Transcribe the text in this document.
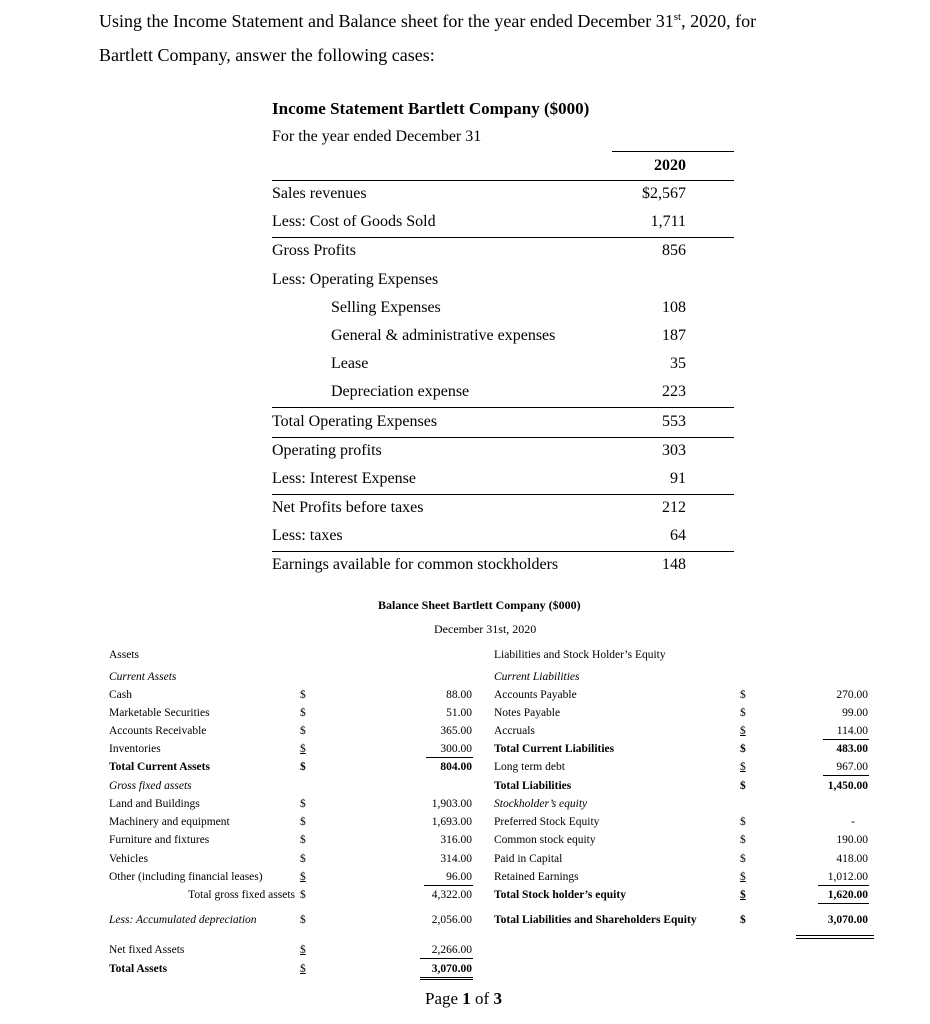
Using the Income Statement and Balance sheet for the year ended December 31st, 2020, for
Bartlett Company, answer the following cases:
Income Statement Bartlett Company ($000)
For the year ended December 31
2020
Sales revenues	$2,567
Less: Cost of Goods Sold	1,711
Gross Profits	856
Less: Operating Expenses
Selling Expenses	108
General & administrative expenses	187
Lease	35
Depreciation expense	223
Total Operating Expenses	553
Operating profits	303
Less: Interest Expense	91
Net Profits before taxes	212
Less: taxes	64
Earnings available for common stockholders	148
Balance Sheet Bartlett Company ($000)
December 31st, 2020
Assets
Current Assets
Cash	$	88.00
Marketable Securities	$	51.00
Accounts Receivable	$	365.00
Inventories	$	300.00
Total Current Assets	$	804.00
Gross fixed assets
Land and Buildings	$	1,903.00
Machinery and equipment	$	1,693.00
Furniture and fixtures	$	316.00
Vehicles	$	314.00
Other (including financial leases)	$	96.00
Total gross fixed assets $	4,322.00
Less: Accumulated depreciation	$	2,056.00
Net fixed Assets	$	2,266.00
Total Assets	$	3,070.00
Liabilities and Stock Holder’s Equity
Current Liabilities
Accounts Payable	$	270.00
Notes Payable	$	99.00
Accruals	$	114.00
Total Current Liabilities	$	483.00
Long term debt	$	967.00
Total Liabilities	$	1,450.00
Stockholder’s equity
Preferred Stock Equity	$	-
Common stock equity	$	190.00
Paid in Capital	$	418.00
Retained Earnings	$	1,012.00
Total Stock holder’s equity	$	1,620.00
Total Liabilities and Shareholders Equity	$	3,070.00
Page 1 of 3
